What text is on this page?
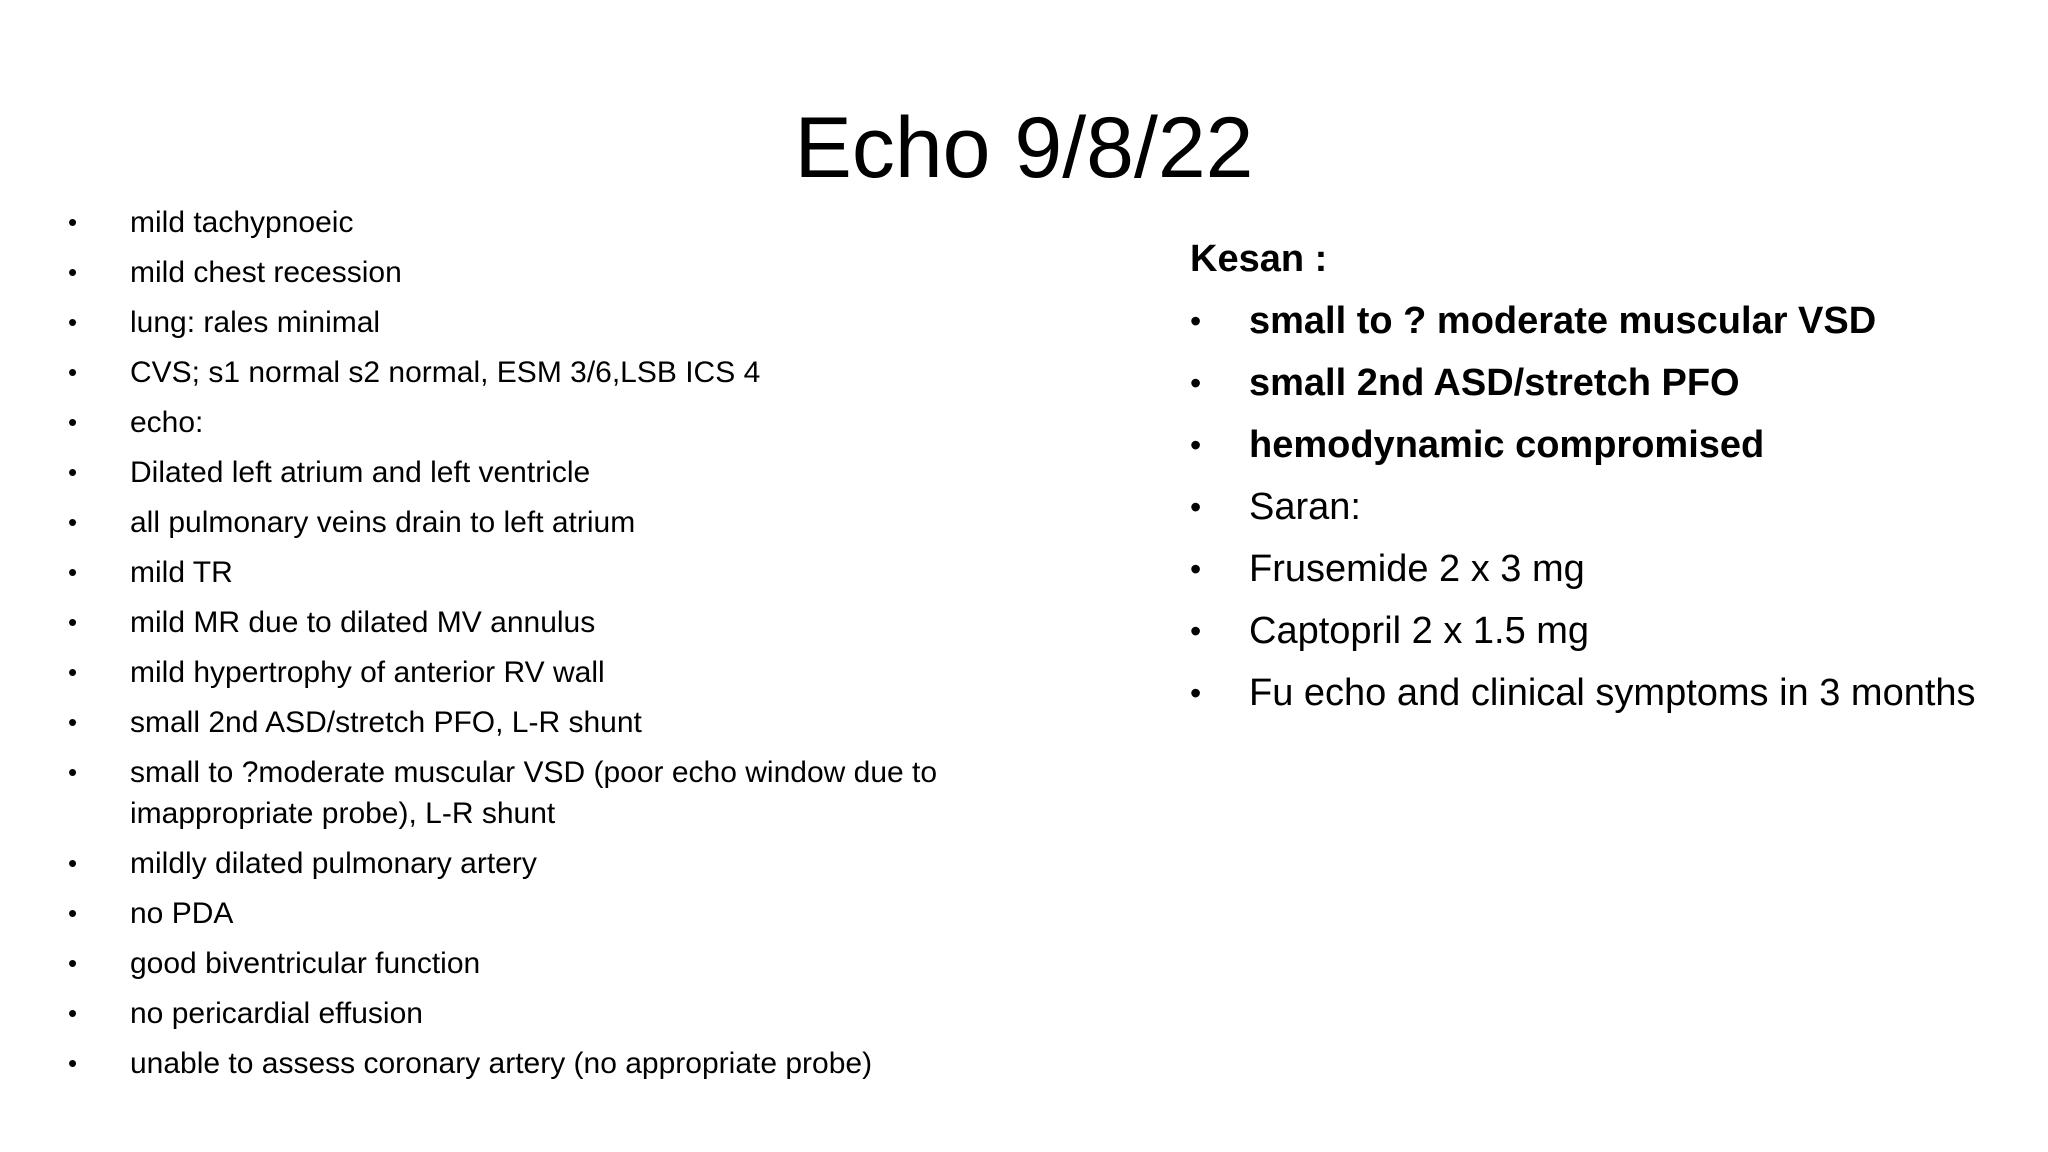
Echo 9/8/22
•	mild tachypnoeic
•	mild chest recession
•	lung: rales minimal
•	CVS; s1 normal s2 normal, ESM 3/6,LSB ICS 4
•	echo:
•	Dilated left atrium and left ventricle
•	all pulmonary veins drain to left atrium
•	mild TR
•	mild MR due to dilated MV annulus
•	mild hypertrophy of anterior RV wall
•	small 2nd ASD/stretch PFO, L-R shunt
•	small to ?moderate muscular VSD (poor echo window due to imappropriate probe), L-R shunt
•	mildly dilated pulmonary artery
•	no PDA
•	good biventricular function
•	no pericardial effusion
•	unable to assess coronary artery (no appropriate probe)
Kesan :
•	small to ? moderate muscular VSD
•	small 2nd ASD/stretch PFO
•	hemodynamic compromised
•	Saran:
•	Frusemide 2 x 3 mg
•	Captopril 2 x 1.5 mg
•	Fu echo and clinical symptoms in 3 months
